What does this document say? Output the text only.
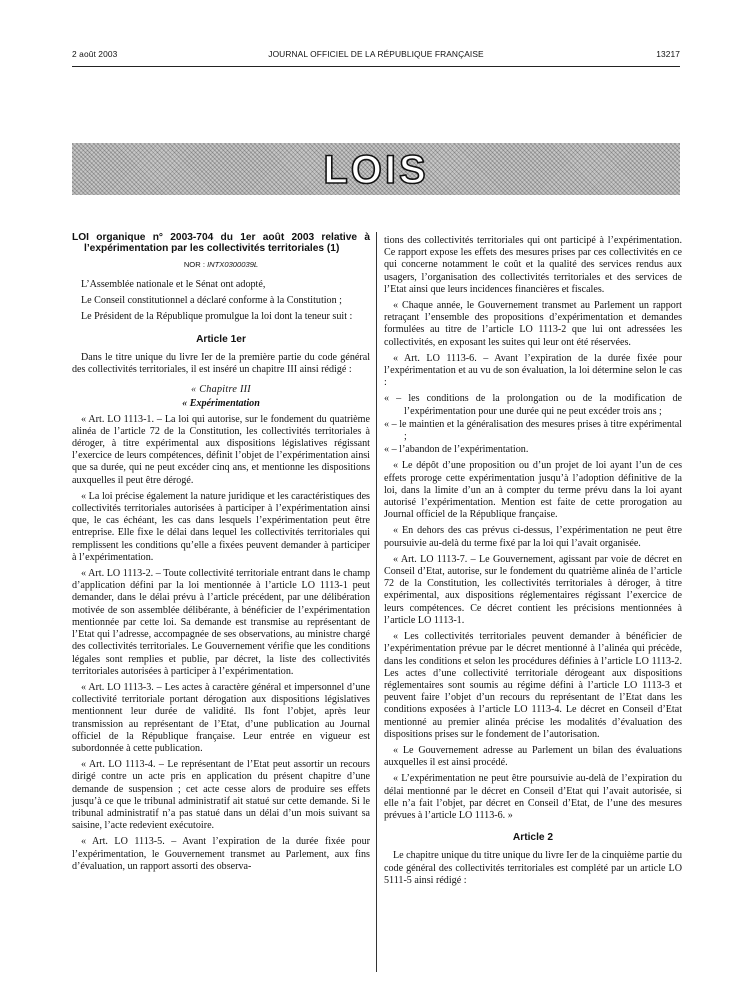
2 août 2003	JOURNAL OFFICIEL DE LA RÉPUBLIQUE FRANÇAISE	13217
LOIS
LOI organique n° 2003-704 du 1er août 2003 relative à l’expérimentation par les collectivités territoriales (1)
NOR : INTX0300039L

L’Assemblée nationale et le Sénat ont adopté,

Le Conseil constitutionnel a déclaré conforme à la Constitution ;

Le Président de la République promulgue la loi dont la teneur suit :

Article 1er

Dans le titre unique du livre Ier de la première partie du code général des collectivités territoriales, il est inséré un chapitre III ainsi rédigé :

« Chapitre III
« Expérimentation

« Art. LO 1113-1. – La loi qui autorise, sur le fondement du quatrième alinéa de l’article 72 de la Constitution, les collectivités territoriales à déroger, à titre expérimental aux dispositions législatives régissant l’exercice de leurs compétences, définit l’objet de l’expérimentation ainsi que sa durée, qui ne peut excéder cinq ans, et mentionne les dispositions auxquelles il peut être dérogé.

« La loi précise également la nature juridique et les caractéristiques des collectivités territoriales autorisées à participer à l’expérimentation ainsi que, le cas échéant, les cas dans lesquels l’expérimentation peut être entreprise. Elle fixe le délai dans lequel les collectivités territoriales qui remplissent les conditions qu’elle a fixées peuvent demander à participer à l’expérimentation.

« Art. LO 1113-2. – Toute collectivité territoriale entrant dans le champ d’application défini par la loi mentionnée à l’article LO 1113-1 peut demander, dans le délai prévu à l’article précédent, par une délibération motivée de son assemblée délibérante, à bénéficier de l’expérimentation mentionnée par cette loi. Sa demande est transmise au représentant de l’Etat qui l’adresse, accompagnée de ses observations, au ministre chargé des collectivités territoriales. Le Gouvernement vérifie que les conditions légales sont remplies et publie, par décret, la liste des collectivités territoriales autorisées à participer à l’expérimentation.

« Art. LO 1113-3. – Les actes à caractère général et impersonnel d’une collectivité territoriale portant dérogation aux dispositions législatives mentionnent leur durée de validité. Ils font l’objet, après leur transmission au représentant de l’Etat, d’une publication au Journal officiel de la République française. Leur entrée en vigueur est subordonnée à cette publication.

« Art. LO 1113-4. – Le représentant de l’Etat peut assortir un recours dirigé contre un acte pris en application du présent chapitre d’une demande de suspension ; cet acte cesse alors de produire ses effets jusqu’à ce que le tribunal administratif ait statué sur cette demande. Si le tribunal administratif n’a pas statué dans un délai d’un mois suivant sa saisine, l’acte redevient exécutoire.

« Art. LO 1113-5. – Avant l’expiration de la durée fixée pour l’expérimentation, le Gouvernement transmet au Parlement, aux fins d’évaluation, un rapport assorti des observa-

tions des collectivités territoriales qui ont participé à l’expérimentation. Ce rapport expose les effets des mesures prises par ces collectivités en ce qui concerne notamment le coût et la qualité des services rendus aux usagers, l’organisation des collectivités territoriales et des services de l’Etat ainsi que leurs incidences financières et fiscales.

« Chaque année, le Gouvernement transmet au Parlement un rapport retraçant l’ensemble des propositions d’expérimentation et demandes formulées au titre de l’article LO 1113-2 que lui ont adressées les collectivités, en exposant les suites qui leur ont été réservées.

« Art. LO 1113-6. – Avant l’expiration de la durée fixée pour l’expérimentation et au vu de son évaluation, la loi détermine selon le cas :

« – les conditions de la prolongation ou de la modification de l’expérimentation pour une durée qui ne peut excéder trois ans ;
« – le maintien et la généralisation des mesures prises à titre expérimental ;
« – l’abandon de l’expérimentation.

« Le dépôt d’une proposition ou d’un projet de loi ayant l’un de ces effets proroge cette expérimentation jusqu’à l’adoption définitive de la loi, dans la limite d’un an à compter du terme prévu dans la loi ayant autorisé l’expérimentation. Mention est faite de cette prorogation au Journal officiel de la République française.

« En dehors des cas prévus ci-dessus, l’expérimentation ne peut être poursuivie au-delà du terme fixé par la loi qui l’avait organisée.

« Art. LO 1113-7. – Le Gouvernement, agissant par voie de décret en Conseil d’Etat, autorise, sur le fondement du quatrième alinéa de l’article 72 de la Constitution, les collectivités territoriales à déroger, à titre expérimental, aux dispositions réglementaires régissant l’exercice de leurs compétences. Ce décret contient les précisions mentionnées à l’article LO 1113-1.

« Les collectivités territoriales peuvent demander à bénéficier de l’expérimentation prévue par le décret mentionné à l’alinéa qui précède, dans les conditions et selon les procédures définies à l’article LO 1113-2. Les actes d’une collectivité territoriale dérogeant aux dispositions réglementaires sont soumis au régime défini à l’article LO 1113-3 et peuvent faire l’objet d’un recours du représentant de l’Etat dans les conditions exposées à l’article LO 1113-4. Le décret en Conseil d’Etat mentionné au premier alinéa précise les modalités d’évaluation des dispositions prises sur le fondement de l’autorisation.

« Le Gouvernement adresse au Parlement un bilan des évaluations auxquelles il est ainsi procédé.

« L’expérimentation ne peut être poursuivie au-delà de l’expiration du délai mentionné par le décret en Conseil d’Etat qui l’avait autorisée, si elle n’a fait l’objet, par décret en Conseil d’Etat, de l’une des mesures prévues à l’article LO 1113-6. »

Article 2

Le chapitre unique du titre unique du livre Ier de la cinquième partie du code général des collectivités territoriales est complété par un article LO 5111-5 ainsi rédigé :
